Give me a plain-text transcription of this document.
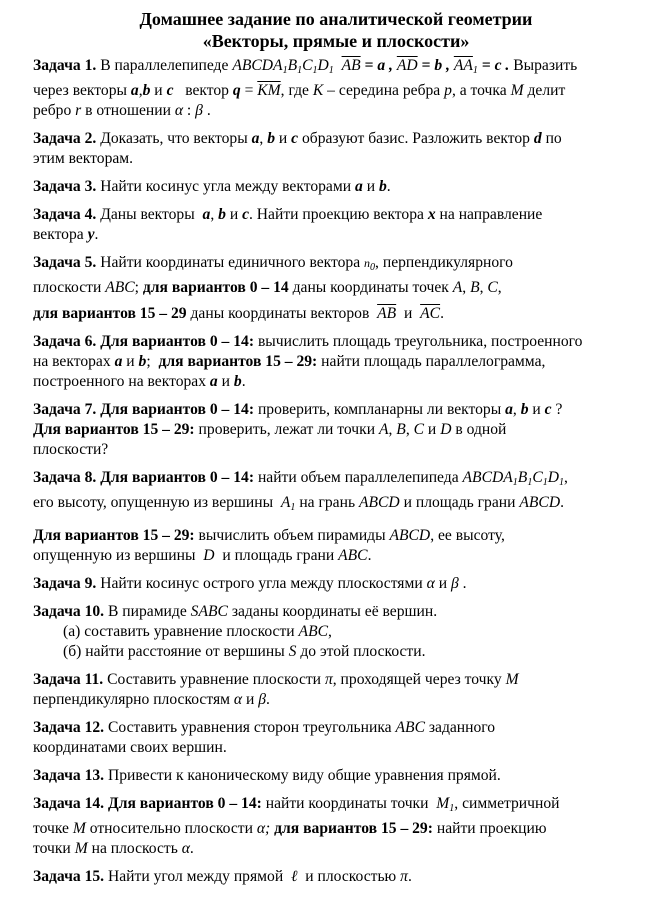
Домашнее задание по аналитической геометрии
«Векторы, прямые и плоскости»
Задача 1. В параллелепипеде $ABCDA_1B_1C_1D_1$ $\overline{AB} = a$ , $\overline{AD} = b$ , $\overline{AA}_1 = c$ . Выразить
через векторы a,b и c вектор $q = \overline{KM}$, где K – середина ребра p, а точка M делит
ребро r в отношении α : β .
Задача 2. Доказать, что векторы a, b и c образуют базис. Разложить вектор d по
этим векторам.
Задача 3. Найти косинус угла между векторами a и b.
Задача 4. Даны векторы a, b и c. Найти проекцию вектора x на направление
вектора y.
Задача 5. Найти координаты единичного вектора $n_0$, перпендикулярного
плоскости ABC; для вариантов 0 – 14 даны координаты точек A, B, C,
для вариантов 15 – 29 даны координаты векторов $\overline{AB}$ и $\overline{AC}$.
Задача 6. Для вариантов 0 – 14: вычислить площадь треугольника, построенного
на векторах a и b; для вариантов 15 – 29: найти площадь параллелограмма,
построенного на векторах a и b.
Задача 7. Для вариантов 0 – 14: проверить, компланарны ли векторы a, b и c ?
Для вариантов 15 – 29: проверить, лежат ли точки A, B, C и D в одной
плоскости?
Задача 8. Для вариантов 0 – 14: найти объем параллелепипеда $ABCDA_1B_1C_1D_1$,
его высоту, опущенную из вершины $A_1$ на грань ABCD и площадь грани ABCD.
Для вариантов 15 – 29: вычислить объем пирамиды ABCD, ее высоту,
опущенную из вершины D и площадь грани ABC.
Задача 9. Найти косинус острого угла между плоскостями α и β .
Задача 10. В пирамиде SABC заданы координаты её вершин.
(а) составить уравнение плоскости ABC,
(б) найти расстояние от вершины S до этой плоскости.
Задача 11. Составить уравнение плоскости π, проходящей через точку M
перпендикулярно плоскостям α и β.
Задача 12. Составить уравнения сторон треугольника ABC заданного
координатами своих вершин.
Задача 13. Привести к каноническому виду общие уравнения прямой.
Задача 14. Для вариантов 0 – 14: найти координаты точки $M_1$, симметричной
точке M относительно плоскости α; для вариантов 15 – 29: найти проекцию
точки M на плоскость α.
Задача 15. Найти угол между прямой ℓ и плоскостью π.
